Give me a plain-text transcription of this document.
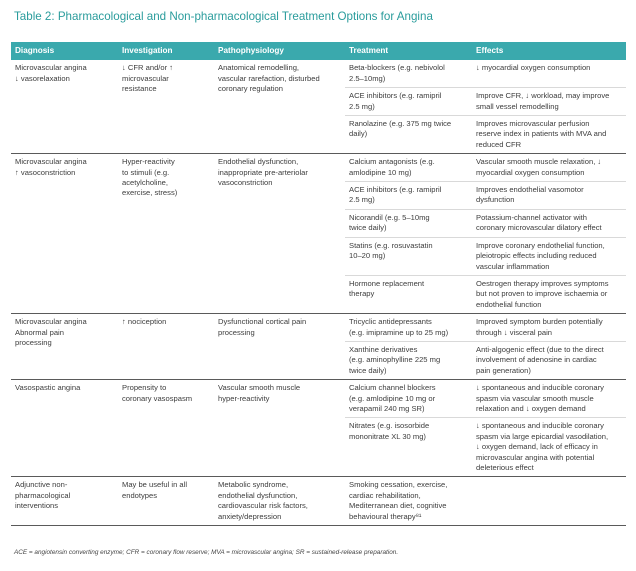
Table 2: Pharmacological and Non-pharmacological Treatment Options for Angina
Diagnosis	Investigation	Pathophysiology	Treatment	Effects

Microvascular angina
↓ vasorelaxation	↓ CFR and/or ↑
microvascular
resistance	Anatomical remodelling,
vascular rarefaction, disturbed
coronary regulation	Beta-blockers (e.g. nebivolol
2.5–10mg)	↓ myocardial oxygen consumption

			ACE inhibitors (e.g. ramipril
2.5 mg)	Improve CFR, ↓ workload, may improve
small vessel remodelling

			Ranolazine (e.g. 375 mg twice
daily)	Improves microvascular perfusion
reserve index in patients with MVA and
reduced CFR

Microvascular angina
↑ vasoconstriction	Hyper-reactivity
to stimuli (e.g.
acetylcholine,
exercise, stress)	Endothelial dysfunction,
inappropriate pre-arteriolar
vasoconstriction	Calcium antagonists (e.g.
amlodipine 10 mg)	Vascular smooth muscle relaxation, ↓
myocardial oxygen consumption

			ACE inhibitors (e.g. ramipril
2.5 mg)	Improves endothelial vasomotor
dysfunction

			Nicorandil (e.g. 5–10mg
twice daily)	Potassium-channel activator with
coronary microvascular dilatory effect

			Statins (e.g. rosuvastatin
10–20 mg)	Improve coronary endothelial function,
pleiotropic effects including reduced
vascular inflammation

			Hormone replacement
therapy	Oestrogen therapy improves symptoms
but not proven to improve ischaemia or
endothelial function

Microvascular angina
Abnormal pain
processing	↑ nociception	Dysfunctional cortical pain
processing	Tricyclic antidepressants
(e.g. imipramine up to 25 mg)	Improved symptom burden potentially
through ↓ visceral pain

			Xanthine derivatives
(e.g. aminophylline 225 mg
twice daily)	Anti-algogenic effect (due to the direct
involvement of adenosine in cardiac
pain generation)

Vasospastic angina	Propensity to
coronary vasospasm	Vascular smooth muscle
hyper-reactivity	Calcium channel blockers
(e.g. amlodipine 10 mg or
verapamil 240 mg SR)	↓ spontaneous and inducible coronary
spasm via vascular smooth muscle
relaxation and ↓ oxygen demand

			Nitrates (e.g. isosorbide
mononitrate XL 30 mg)	↓ spontaneous and inducible coronary
spasm via large epicardial vasodilation,
↓ oxygen demand, lack of efficacy in
microvascular angina with potential
deleterious effect

Adjunctive non-
pharmacological
interventions	May be useful in all
endotypes	Metabolic syndrome,
endothelial dysfunction,
cardiovascular risk factors,
anxiety/depression	Smoking cessation, exercise,
cardiac rehabilitation,
Mediterranean diet, cognitive
behavioural therapy⁸¹	

ACE = angiotensin converting enzyme; CFR = coronary flow reserve; MVA = microvascular angina; SR = sustained-release preparation.
